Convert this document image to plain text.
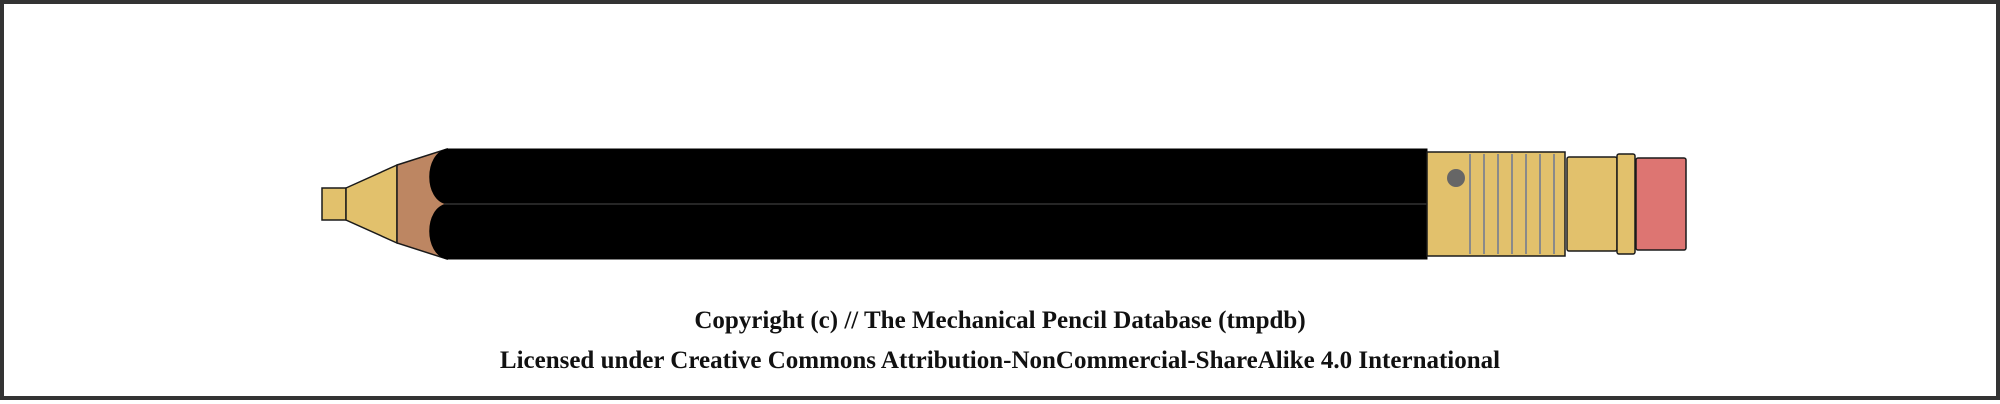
Copyright (c) // The Mechanical Pencil Database (tmpdb)
Licensed under Creative Commons Attribution-NonCommercial-ShareAlike 4.0 International
